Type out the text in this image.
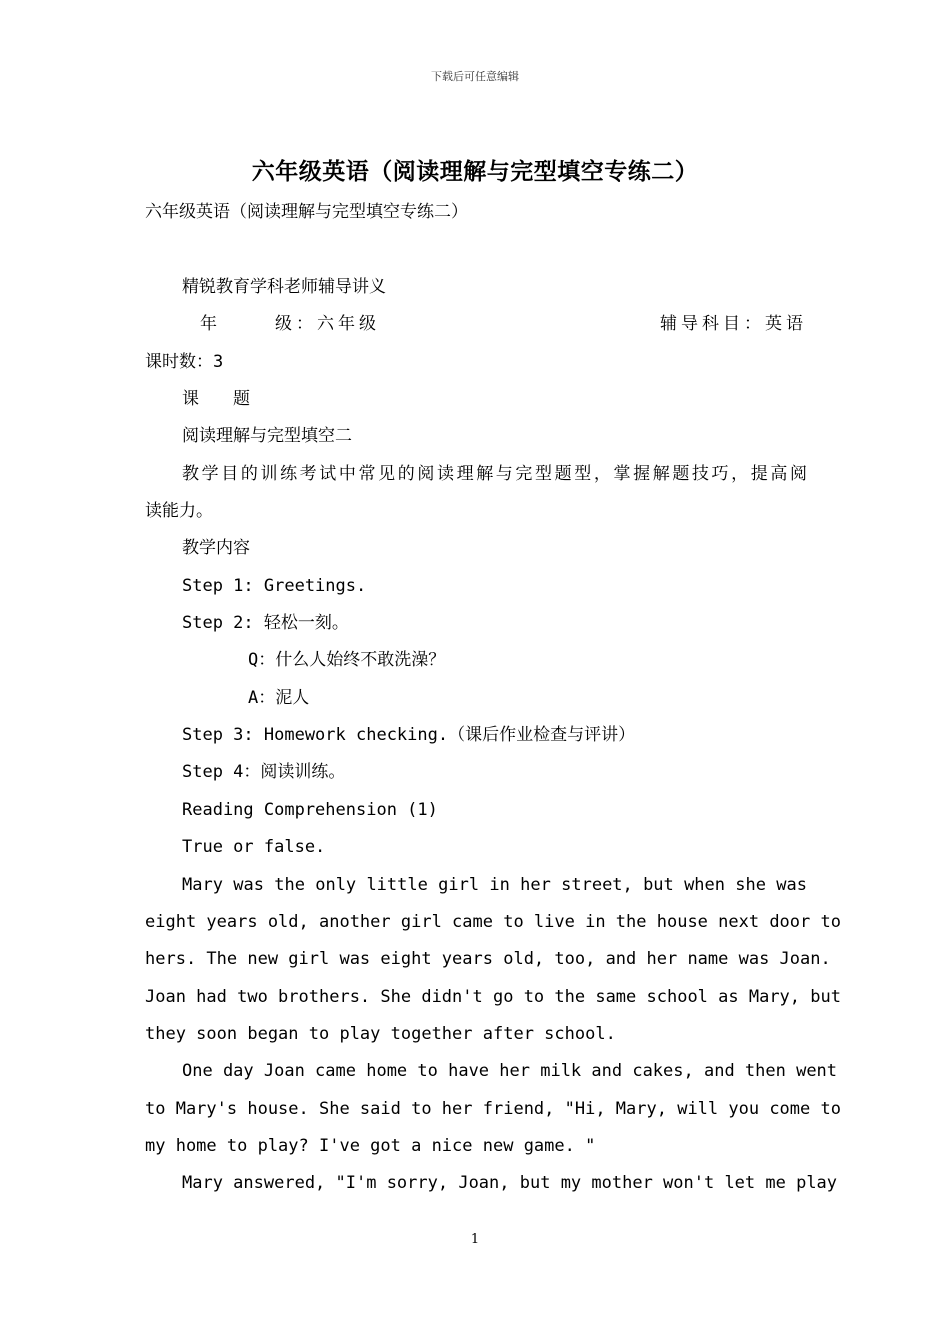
下载后可任意编辑
六年级英语（阅读理解与完型填空专练二）
六年级英语（阅读理解与完型填空专练二）
精锐教育学科老师辅导讲义
年	级：六年级	辅导科目：英语
课时数：3
课　　题
阅读理解与完型填空二
教学目的训练考试中常见的阅读理解与完型题型，掌握解题技巧，提高阅
读能力。
教学内容
Step 1: Greetings.
Step 2: 轻松一刻。
Q：什么人始终不敢洗澡？
A：泥人
Step 3: Homework checking.（课后作业检查与评讲）
Step 4：阅读训练。
Reading Comprehension (1)
True or false.
Mary was the only little girl in her street, but when she was
eight years old, another girl came to live in the house next door to
hers. The new girl was eight years old, too, and her name was Joan.
Joan had two brothers. She didn't go to the same school as Mary, but
they soon began to play together after school.
One day Joan came home to have her milk and cakes, and then went
to Mary's house. She said to her friend, "Hi, Mary, will you come to
my home to play? I've got a nice new game. "
Mary answered, "I'm sorry, Joan, but my mother won't let me play
1
